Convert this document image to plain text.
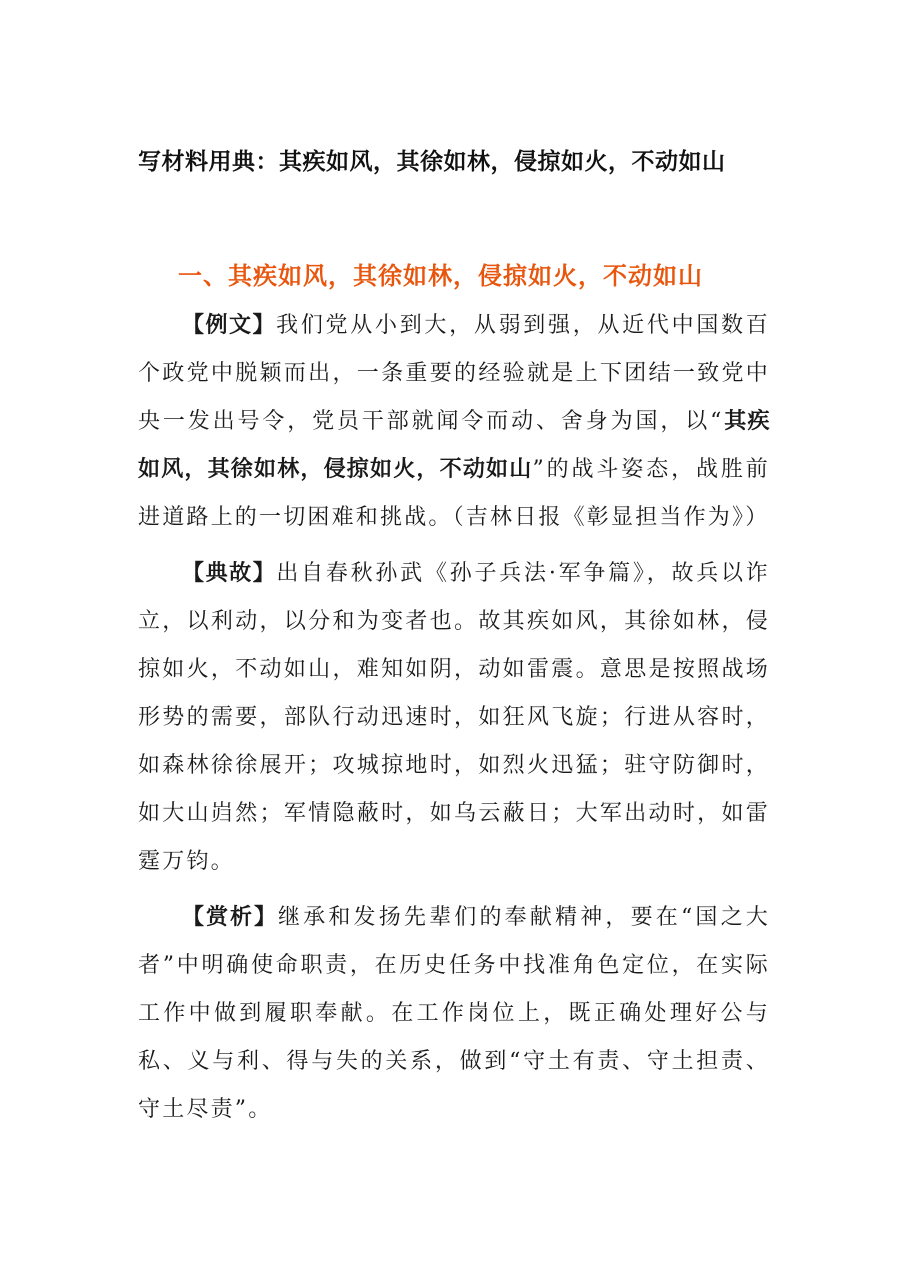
写材料用典：其疾如风，其徐如林，侵掠如火，不动如山
一、其疾如风，其徐如林，侵掠如火，不动如山

【例文】我们党从小到大，从弱到强，从近代中国数百个政党中脱颖而出，一条重要的经验就是上下团结一致党中央一发出号令，党员干部就闻令而动、舍身为国，以“其疾如风，其徐如林，侵掠如火，不动如山”的战斗姿态，战胜前进道路上的一切困难和挑战。（吉林日报《彰显担当作为》）

【典故】出自春秋孙武《孙子兵法·军争篇》，故兵以诈立，以利动，以分和为变者也。故其疾如风，其徐如林，侵掠如火，不动如山，难知如阴，动如雷震。意思是按照战场形势的需要，部队行动迅速时，如狂风飞旋；行进从容时，如森林徐徐展开；攻城掠地时，如烈火迅猛；驻守防御时，如大山岿然；军情隐蔽时，如乌云蔽日；大军出动时，如雷霆万钧。

【赏析】继承和发扬先辈们的奉献精神，要在“国之大者”中明确使命职责，在历史任务中找准角色定位，在实际工作中做到履职奉献。在工作岗位上，既正确处理好公与私、义与利、得与失的关系，做到“守土有责、守土担责、守土尽责”。
